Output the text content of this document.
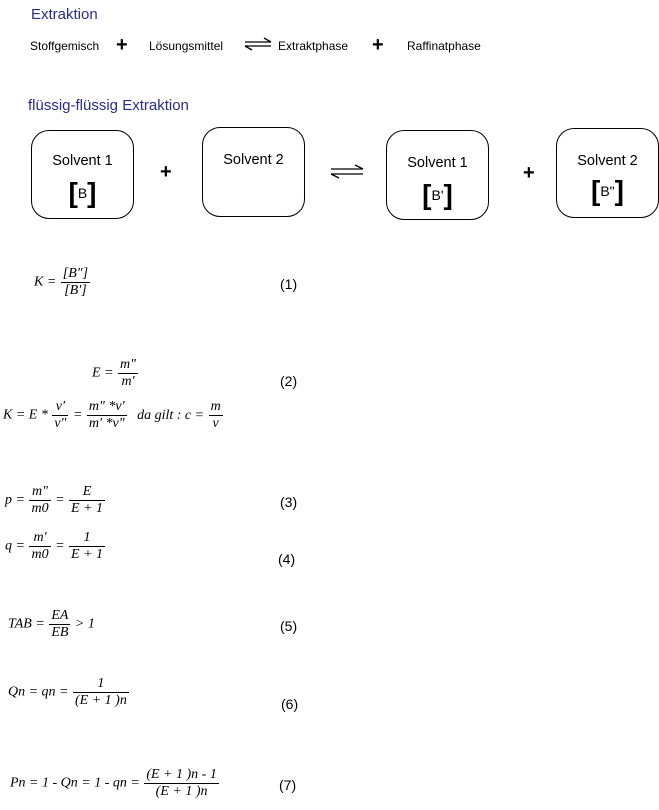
Extraktion
Stoffgemisch + Lösungsmittel ⇌ Extraktphase + Raffinatphase
flüssig-flüssig Extraktion
Solvent 1
[B]
+
Solvent 2	Solvent 1
[B']
+
Solvent 2
[B"]
$K = \frac{[B"]}{[B']}$	(1)
$E = \frac{m"}{m'}$	(2)
$K = E * \frac{v'}{v"} = \frac{m" *v'}{m' *v"}$ da gilt : $c = \frac{m}{v}$
$p = \frac{m"}{m0} = \frac{E}{E + 1}$	(3)
$q = \frac{m'}{m0} = \frac{1}{E + 1}$	(4)
TAB = $\frac{EA}{EB} > 1$	(5)
Qn = qn = $\frac{1}{(E + 1 )n}$	(6)
Pn = 1 - Qn = 1 - qn = $\frac{(E + 1 )n - 1}{(E + 1 )n}$	(7)
